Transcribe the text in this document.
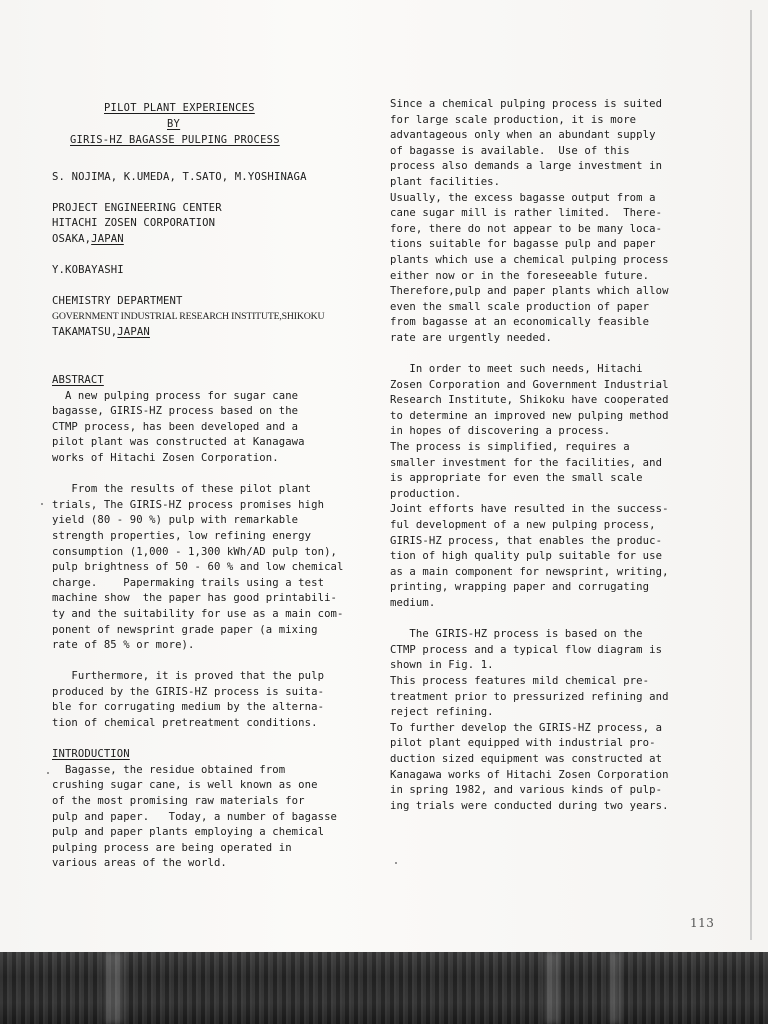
PILOT PLANT EXPERIENCES
BY
GIRIS-HZ BAGASSE PULPING PROCESS
S. NOJIMA, K.UMEDA, T.SATO, M.YOSHINAGA
PROJECT ENGINEERING CENTER
HITACHI ZOSEN CORPORATION
OSAKA,JAPAN
Y.KOBAYASHI
CHEMISTRY DEPARTMENT
GOVERNMENT INDUSTRIAL RESEARCH INSTITUTE,SHIKOKU
TAKAMATSU,JAPAN
ABSTRACT
A new pulping process for sugar cane
bagasse, GIRIS-HZ process based on the
CTMP process, has been developed and a
pilot plant was constructed at Kanagawa
works of Hitachi Zosen Corporation.
From the results of these pilot plant
trials, The GIRIS-HZ process promises high
yield (80 - 90 %) pulp with remarkable
strength properties, low refining energy
consumption (1,000 - 1,300 kWh/AD pulp ton),
pulp brightness of 50 - 60 % and low chemical
charge.    Papermaking trails using a test
machine show  the paper has good printabili-
ty and the suitability for use as a main com-
ponent of newsprint grade paper (a mixing
rate of 85 % or more).
Furthermore, it is proved that the pulp
produced by the GIRIS-HZ process is suita-
ble for corrugating medium by the alterna-
tion of chemical pretreatment conditions.
INTRODUCTION
Bagasse, the residue obtained from
crushing sugar cane, is well known as one
of the most promising raw materials for
pulp and paper.   Today, a number of bagasse
pulp and paper plants employing a chemical
pulping process are being operated in
various areas of the world.
Since a chemical pulping process is suited
for large scale production, it is more
advantageous only when an abundant supply
of bagasse is available.  Use of this
process also demands a large investment in
plant facilities.
Usually, the excess bagasse output from a
cane sugar mill is rather limited.  There-
fore, there do not appear to be many loca-
tions suitable for bagasse pulp and paper
plants which use a chemical pulping process
either now or in the foreseeable future.
Therefore,pulp and paper plants which allow
even the small scale production of paper
from bagasse at an economically feasible
rate are urgently needed.
In order to meet such needs, Hitachi
Zosen Corporation and Government Industrial
Research Institute, Shikoku have cooperated
to determine an improved new pulping method
in hopes of discovering a process.
The process is simplified, requires a
smaller investment for the facilities, and
is appropriate for even the small scale
production.
Joint efforts have resulted in the success-
ful development of a new pulping process,
GIRIS-HZ process, that enables the produc-
tion of high quality pulp suitable for use
as a main component for newsprint, writing,
printing, wrapping paper and corrugating
medium.
The GIRIS-HZ process is based on the
CTMP process and a typical flow diagram is
shown in Fig. 1.
This process features mild chemical pre-
treatment prior to pressurized refining and
reject refining.
To further develop the GIRIS-HZ process, a
pilot plant equipped with industrial pro-
duction sized equipment was constructed at
Kanagawa works of Hitachi Zosen Corporation
in spring 1982, and various kinds of pulp-
ing trials were conducted during two years.
113
